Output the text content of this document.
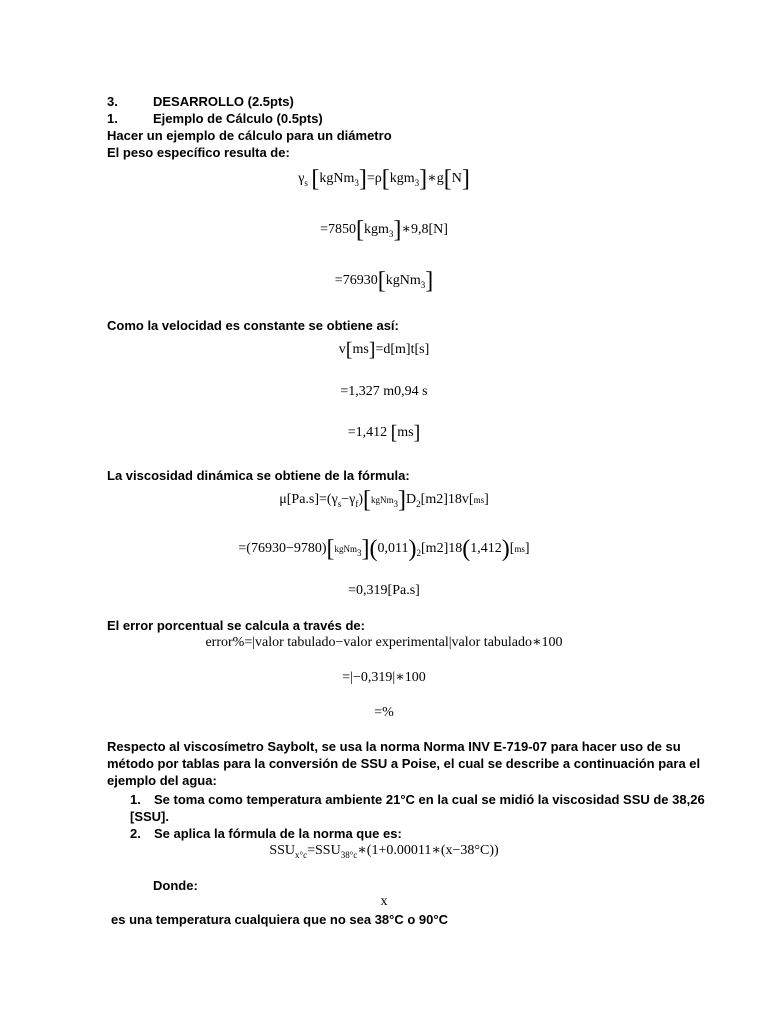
3.	DESARROLLO (2.5pts)
1.	Ejemplo de Cálculo (0.5pts)
Hacer un ejemplo de cálculo para un diámetro
El peso específico resulta de:
$\gamma_s$ [kgNm$_3$]=ρ[kgm$_3$]∗g[N]
=7850[kgm$_3$]∗9,8[N]
=76930[kgNm$_3$]
Como la velocidad es constante se obtiene así:
v[ms]=d[m]t[s]
=1,327 m0,94 s
=1,412 [ms]
La viscosidad dinámica se obtiene de la fórmula:
$\mu[Pa.s]=(\gamma_s-\gamma_f)[kgNm_3]D_2[m2]18v[ms]$
$=(76930-9780)[kgNm_3](0,011)_2[m2]18(1,412)[ms]$
=0,319[Pa.s]
El error porcentual se calcula a través de:
error%=|valor tabulado−valor experimental|valor tabulado∗100
=|−0,319|∗100
=%
Respecto al viscosímetro Saybolt, se usa la norma Norma INV E-719-07 para hacer uso de su
método por tablas para la conversión de SSU a Poise, el cual se describe a continuación para el
ejemplo del agua:
1. Se toma como temperatura ambiente 21°C en la cual se midió la viscosidad SSU de 38,26
[SSU].
2. Se aplica la fórmula de la norma que es:
$SSU_{x^\circ c}=SSU_{38^\circ c}∗(1+0.00011∗(x-38^\circ C))$
Donde:
x
es una temperatura cualquiera que no sea 38°C o 90°C
